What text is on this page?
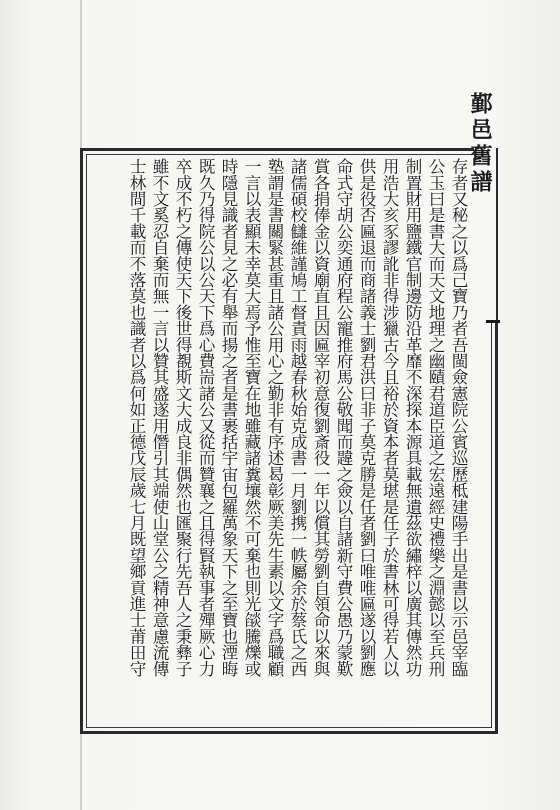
鄞邑舊譜
存者又秘之以爲己寶乃者吾閩僉憲院公賓巡歷柢建陽手出是書以示邑宰臨
公玉曰是書大而天文地理之幽賾君道臣道之宏遠經史禮樂之淵懿以至兵刑
制置財用鹽鐵官制邊防沿革靡不深探本源具載無遺茲欲繡梓以廣其傳然功
用浩大亥豕謬訛非得涉獵古今且裕於資本者莫堪是任子於書林可得若人以
供是役否匾退而商諸義士劉君洪曰非子莫克勝是任者劉曰唯唯匾遂以劉應
命式守胡公奕通府程公寵推府馬公敬聞而韙之僉以自諸新守費公愚乃蒙歎
賞各捐俸金以資廟直且因匾宰初意復劉斎役一年以償其勞劉自領命以來與
諸儒碩校讎維謹鳩工督責雨越春秋始克成書一月劉携一帙屬余於蔡氏之西
塾謂是書關緊甚重且諸公用心之勤非有序述曷彰厥美先生素以文字爲職顧
一言以表顯未幸莫大焉予惟至寶在地雖藏諸糞壤然不可棄也則光燄騰爍或
時隱見識者見之必有舉而揚之者是書裹括宇宙包羅萬象天下之至寶也湮晦
既久乃得院公以公天下爲心費耑諸公又從而贊襄之且得賢執事者殫厥心力
卒成不朽之傳使天下後世得覩斯文大成良非偶然也匯聚行先吾人之秉彝子
雖不文奚忍自棄而無一言以贊其盛遂用僭引其端使山堂公之精神意慮流傳
士林間千載而不落莫也識者以爲何如正德戊辰歲七月既望鄉貢進士莆田守
